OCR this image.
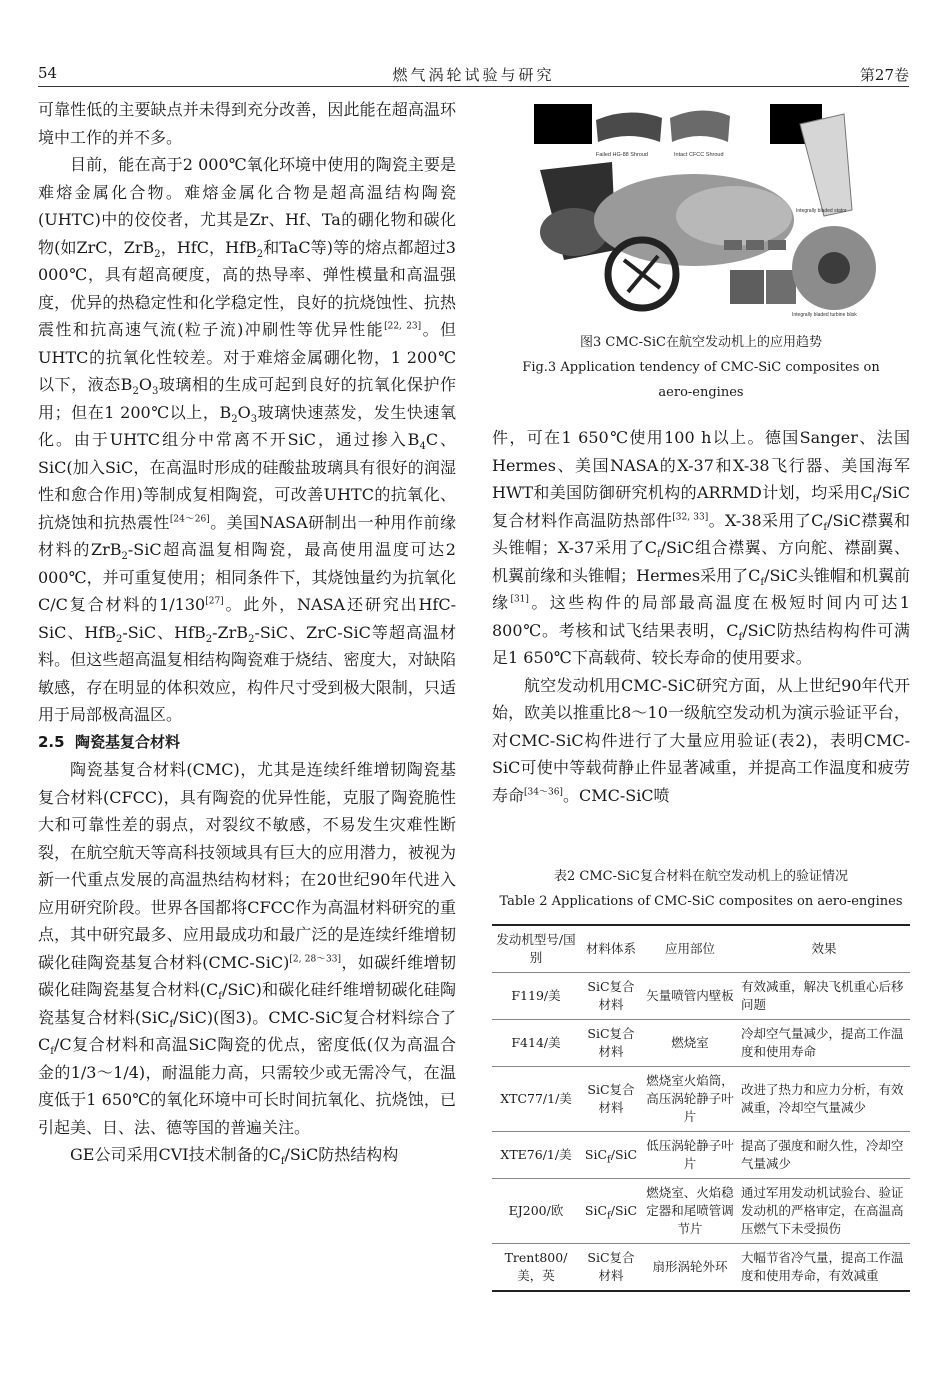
54	燃气涡轮试验与研究	第27卷

可靠性低的主要缺点并未得到充分改善，因此能在超高温环境中工作的并不多。

目前，能在高于2 000℃氧化环境中使用的陶瓷主要是难熔金属化合物。难熔金属化合物是超高温结构陶瓷(UHTC)中的佼佼者，尤其是Zr、Hf、Ta的硼化物和碳化物(如ZrC，ZrB$_2$，HfC，HfB$_2$和TaC等)等的熔点都超过3 000℃，具有超高硬度，高的热导率、弹性模量和高温强度，优异的热稳定性和化学稳定性，良好的抗烧蚀性、抗热震性和抗高速气流(粒子流)冲刷性等优异性能[22, 23]。但UHTC的抗氧化性较差。对于难熔金属硼化物，1 200℃以下，液态$B_2O_3$玻璃相的生成可起到良好的抗氧化保护作用；但在1 200℃以上，$B_2O_3$玻璃快速蒸发，发生快速氧化。由于UHTC组分中常离不开SiC，通过掺入$B_4C$、SiC(加入SiC，在高温时形成的硅酸盐玻璃具有很好的润湿性和愈合作用)等制成复相陶瓷，可改善UHTC的抗氧化、抗烧蚀和抗热震性[24～26]。美国NASA研制出一种用作前缘材料的ZrB$_2$-SiC超高温复相陶瓷，最高使用温度可达2 000℃，并可重复使用；相同条件下，其烧蚀量约为抗氧化C/C复合材料的1/130[27]。此外，NASA还研究出HfC-SiC、HfB$_2$-SiC、HfB$_2$-ZrB$_2$-SiC、ZrC-SiC等超高温材料。但这些超高温复相结构陶瓷难于烧结、密度大，对缺陷敏感，存在明显的体积效应，构件尺寸受到极大限制，只适用于局部极高温区。

2.5 陶瓷基复合材料

陶瓷基复合材料(CMC)，尤其是连续纤维增韧陶瓷基复合材料(CFCC)，具有陶瓷的优异性能，克服了陶瓷脆性大和可靠性差的弱点，对裂纹不敏感，不易发生灾难性断裂，在航空航天等高科技领域具有巨大的应用潜力，被视为新一代重点发展的高温热结构材料；在20世纪90年代进入应用研究阶段。世界各国都将CFCC作为高温材料研究的重点，其中研究最多、应用最成功和最广泛的是连续纤维增韧碳化硅陶瓷基复合材料(CMC-SiC)[2, 28～33]，如碳纤维增韧碳化硅陶瓷基复合材料$(C_f/SiC)$和碳化硅纤维增韧碳化硅陶瓷基复合材料(SiC$_f$/SiC)(图3)。CMC-SiC复合材料综合了$C_f/C$复合材料和高温SiC陶瓷的优点，密度低(仅为高温合金的1/3～1/4)，耐温能力高，只需较少或无需冷气，在温度低于1 650℃的氧化环境中可长时间抗氧化、抗烧蚀，已引起美、日、法、德等国的普遍关注。

GE公司采用CVI技术制备的$C_f$/SiC防热结构构

Failed HG-88 Shroud	Intact CFCC Shroud
Integrally bladed stator
Integrally bladed turbine blisk
图3 CMC-SiC在航空发动机上的应用趋势
Fig.3 Application tendency of CMC-SiC composites on
aero-engines

件，可在1 650℃使用100 h以上。德国Sanger、法国Hermes、美国NASA的X-37和X-38飞行器、美国海军HWT和美国防御研究机构的ARRMD计划，均采用$C_f$/SiC复合材料作高温防热部件[32, 33]。X-38采用了$C_f$/SiC襟翼和头锥帽；X-37采用了$C_f$/SiC组合襟翼、方向舵、襟副翼、机翼前缘和头锥帽；Hermes采用了$C_f$/SiC头锥帽和机翼前缘[31]。这些构件的局部最高温度在极短时间内可达1 800℃。考核和试飞结果表明，$C_f$/SiC防热结构构件可满足1 650℃下高载荷、较长寿命的使用要求。

航空发动机用CMC-SiC研究方面，从上世纪90年代开始，欧美以推重比8～10一级航空发动机为演示验证平台，对CMC-SiC构件进行了大量应用验证(表2)，表明CMC-SiC可使中等载荷静止件显著减重，并提高工作温度和疲劳寿命[34～36]。CMC-SiC喷

表2 CMC-SiC复合材料在航空发动机上的验证情况
Table 2 Applications of CMC-SiC composites on aero-engines
发动机型号/国别	材料体系	应用部位	效果
F119/美	SiC复合材料	矢量喷管内壁板	有效减重，解决飞机重心后移问题
F414/美	SiC复合材料	燃烧室	冷却空气量减少，提高工作温度和使用寿命
XTC77/1/美	SiC复合材料	燃烧室火焰筒，高压涡轮静子叶片	改进了热力和应力分析，有效减重，冷却空气量减少
XTE76/1/美	SiC$_f$/SiC	低压涡轮静子叶片	提高了强度和耐久性，冷却空气量减少
EJ200/欧	SiC$_f$/SiC	燃烧室、火焰稳定器和尾喷管调节片	通过军用发动机试验台、验证发动机的严格审定，在高温高压燃气下未受损伤
Trent800/美，英	SiC复合材料	扇形涡轮外环	大幅节省冷气量，提高工作温度和使用寿命，有效减重
